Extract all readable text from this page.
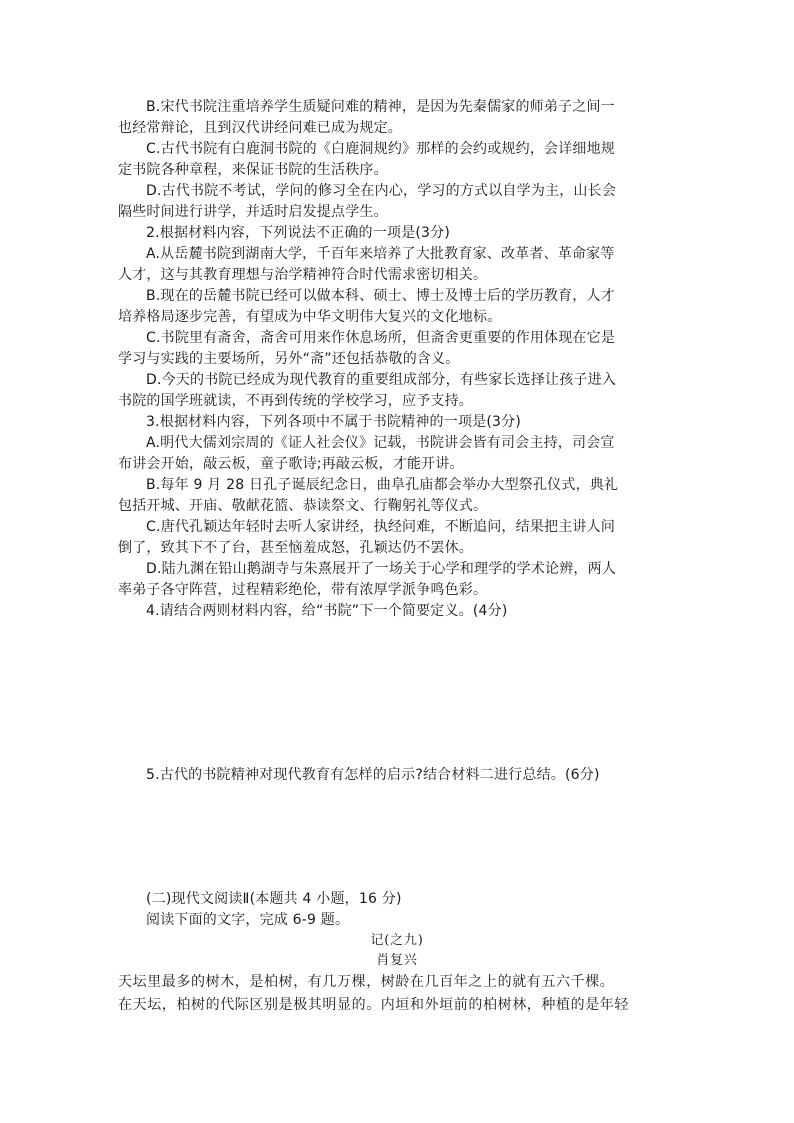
B.宋代书院注重培养学生质疑问难的精神，是因为先秦儒家的师弟子之间一
也经常辩论，且到汉代讲经问难已成为规定。
C.古代书院有白鹿洞书院的《白鹿洞规约》那样的会约或规约，会详细地规
定书院各种章程，来保证书院的生活秩序。
D.古代书院不考试，学问的修习全在内心，学习的方式以自学为主，山长会
隔些时间进行讲学，并适时启发提点学生。
2.根据材料内容，下列说法不正确的一项是(3分)
A.从岳麓书院到湖南大学，千百年来培养了大批教育家、改革者、革命家等
人才，这与其教育理想与治学精神符合时代需求密切相关。
B.现在的岳麓书院已经可以做本科、硕士、博士及博士后的学历教育，人才
培养格局逐步完善，有望成为中华文明伟大复兴的文化地标。
C.书院里有斋舍，斋舍可用来作休息场所，但斋舍更重要的作用体现在它是
学习与实践的主要场所，另外“斋”还包括恭敬的含义。
D.今天的书院已经成为现代教育的重要组成部分，有些家长选择让孩子进入
书院的国学班就读，不再到传统的学校学习，应予支持。
3.根据材料内容，下列各项中不属于书院精神的一项是(3分)
A.明代大儒刘宗周的《证人社会仪》记载，书院讲会皆有司会主持，司会宣
布讲会开始，敲云板，童子歌诗;再敲云板，才能开讲。
B.每年 9 月 28 日孔子诞辰纪念日，曲阜孔庙都会举办大型祭孔仪式，典礼
包括开城、开庙、敬献花篮、恭读祭文、行鞠躬礼等仪式。
C.唐代孔颖达年轻时去听人家讲经，执经问难，不断追问，结果把主讲人问
倒了，致其下不了台，甚至恼羞成怒，孔颖达仍不罢休。
D.陆九渊在铅山鹅湖寺与朱熹展开了一场关于心学和理学的学术论辨，两人
率弟子各守阵营，过程精彩绝伦，带有浓厚学派争鸣色彩。
4.请结合两则材料内容，给“书院”下一个简要定义。(4分)
5.古代的书院精神对现代教育有怎样的启示?结合材料二进行总结。(6分)
(二)现代文阅读Ⅱ(本题共 4 小题，16 分)
阅读下面的文字，完成 6-9 题。
记(之九)
肖复兴
天坛里最多的树木，是柏树，有几万棵，树龄在几百年之上的就有五六千棵。
在天坛，柏树的代际区别是极其明显的。内垣和外垣前的柏树林，种植的是年轻
